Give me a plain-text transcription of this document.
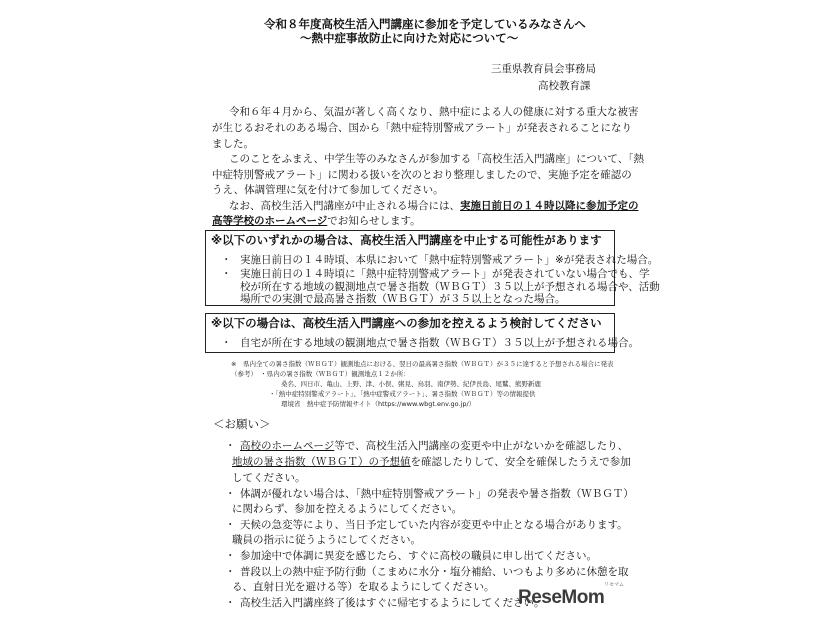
令和８年度高校生活入門講座に参加を予定しているみなさんへ
～熱中症事故防止に向けた対応について～
三重県教育員会事務局
高校教育課
令和６年４月から、気温が著しく高くなり、熱中症による人の健康に対する重大な被害
が生じるおそれのある場合、国から「熱中症特別警戒アラート」が発表されることになり
ました。
このことをふまえ、中学生等のみなさんが参加する「高校生活入門講座」について、「熱
中症特別警戒アラート」に関わる扱いを次のとおり整理しましたので、実施予定を確認の
うえ、体調管理に気を付けて参加してください。
なお、高校生活入門講座が中止される場合には、実施日前日の１４時以降に参加予定の
高等学校のホームページでお知らせします。
※以下のいずれかの場合は、高校生活入門講座を中止する可能性があります
・ 実施日前日の１４時頃、本県において「熱中症特別警戒アラート」※が発表された場合。
・ 実施日前日の１４時頃に「熱中症特別警戒アラート」が発表されていない場合でも、学
校が所在する地域の観測地点で暑さ指数（ＷＢＧＴ）３５以上が予想される場合や、活動
場所での実測で最高暑さ指数（ＷＢＧＴ）が３５以上となった場合。
※以下の場合は、高校生活入門講座への参加を控えるよう検討してください
・ 自宅が所在する地域の観測地点で暑さ指数（ＷＢＧＴ）３５以上が予想される場合。
※　県内全ての暑さ指数（ＷＢＧＴ）観測地点における、翌日の最高暑さ指数（ＷＢＧＴ）が３５に達すると予想される場合に発表
（参考）　・県内の暑さ指数（ＷＢＧＴ）観測地点１２か所：
桑名、四日市、亀山、上野、津、小俣、粥見、鳥羽、南伊勢、紀伊長島、尾鷲、熊野新鹿
・「熱中症特別警戒アラート」、「熱中症警戒アラート」、暑さ指数（ＷＢＧＴ）等の情報提供
環境省　熱中症予防情報サイト（https://www.wbgt.env.go.jp/）
＜お願い＞
・ 高校のホームページ等で、高校生活入門講座の変更や中止がないかを確認したり、
地域の暑さ指数（ＷＢＧＴ）の予想値を確認したりして、安全を確保したうえで参加
してください。
・ 体調が優れない場合は、「熱中症特別警戒アラート」の発表や暑さ指数（ＷＢＧＴ）
に関わらず、参加を控えるようにしてください。
・ 天候の急変等により、当日予定していた内容が変更や中止となる場合があります。
職員の指示に従うようにしてください。
・ 参加途中で体調に異変を感じたら、すぐに高校の職員に申し出てください。
・ 普段以上の熱中症予防行動（こまめに水分・塩分補給、いつもより多めに休憩を取
る、直射日光を避ける等）を取るようにしてください。
・ 高校生活入門講座終了後はすぐに帰宅するようにしてください。
ReseMom
リセマム
